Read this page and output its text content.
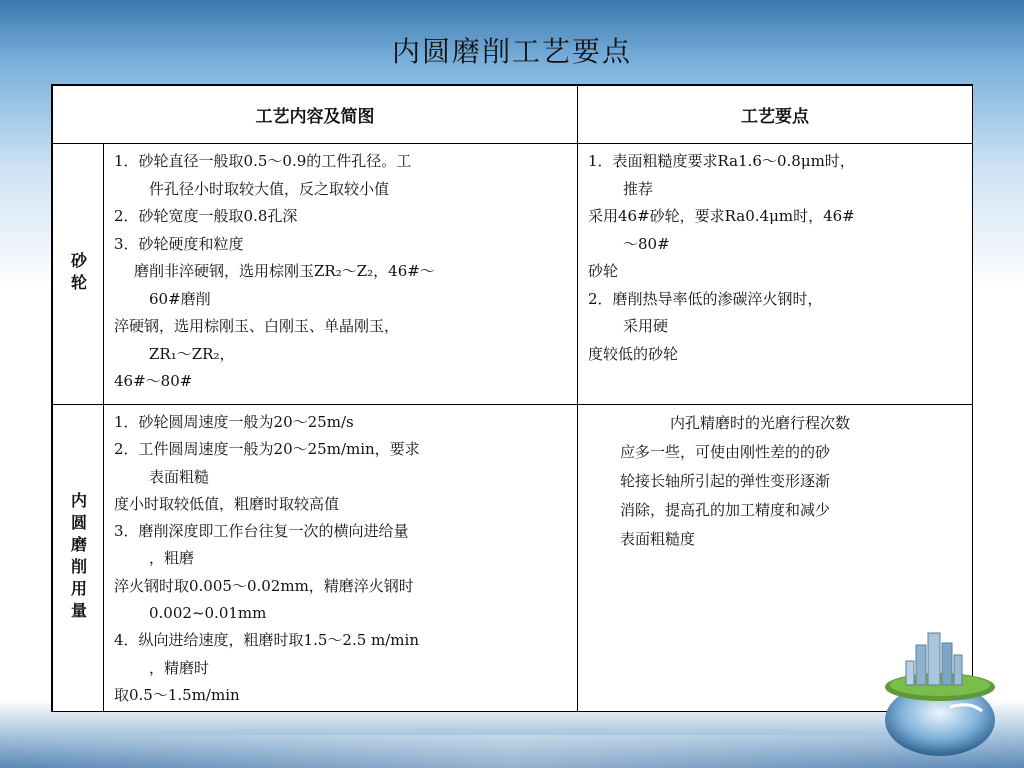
内圆磨削工艺要点
工艺内容及简图	工艺要点
砂轮
1．砂轮直径一般取0.5～0.9的工件孔径。工
件孔径小时取较大值，反之取较小值
2．砂轮宽度一般取0.8孔深
3．砂轮硬度和粒度
磨削非淬硬钢，选用棕刚玉ZR₂～Z₂，46#～
60#磨削
淬硬钢，选用棕刚玉、白刚玉、单晶刚玉，
ZR₁～ZR₂，
46#～80#
1．表面粗糙度要求Ra1.6～0.8μm时，
推荐
采用46#砂轮，要求Ra0.4μm时，46#
～80#
砂轮
2．磨削热导率低的渗碳淬火钢时，
采用硬
度较低的砂轮
内圆磨削用量
1．砂轮圆周速度一般为20～25m/s
2．工件圆周速度一般为20～25m/min，要求
表面粗糙
度小时取较低值，粗磨时取较高值
3．磨削深度即工作台往复一次的横向进给量
，粗磨
淬火钢时取0.005～0.02mm，精磨淬火钢时
0.002~0.01mm
4．纵向进给速度，粗磨时取1.5～2.5 m/min
，精磨时
取0.5～1.5m/min
内孔精磨时的光磨行程次数
应多一些，可使由刚性差的的砂
轮接长轴所引起的弹性变形逐渐
消除，提高孔的加工精度和减少
表面粗糙度
